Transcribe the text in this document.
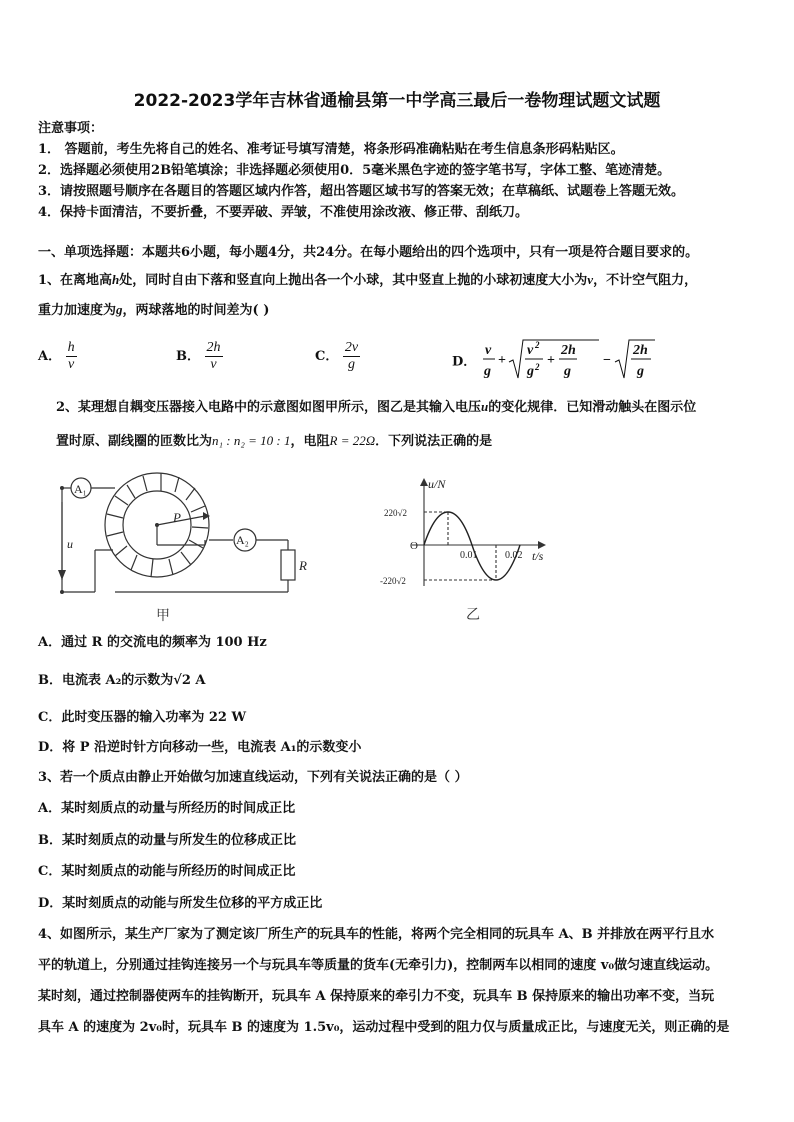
2022-2023学年吉林省通榆县第一中学高三最后一卷物理试题文试题
注意事项：
1． 答题前，考生先将自己的姓名、准考证号填写清楚，将条形码准确粘贴在考生信息条形码粘贴区。
2．选择题必须使用2B铅笔填涂；非选择题必须使用0．5毫米黑色字迹的签字笔书写，字体工整、笔迹清楚。
3．请按照题号顺序在各题目的答题区域内作答，超出答题区域书写的答案无效；在草稿纸、试题卷上答题无效。
4．保持卡面清洁，不要折叠，不要弄破、弄皱，不准使用涂改液、修正带、刮纸刀。
一、单项选择题：本题共6小题，每小题4分，共24分。在每小题给出的四个选项中，只有一项是符合题目要求的。
1、在离地高h处，同时自由下落和竖直向上抛出各一个小球，其中竖直上抛的小球初速度大小为v，不计空气阻力，
重力加速度为g，两球落地的时间差为( )
A． $\frac{h}{v}$	B． $\frac{2h}{v}$	C． $\frac{2v}{g}$	D．
v
g
+
v 2
g 2 +
2h
g
−
2h
g
2、某理想自耦变压器接入电路中的示意图如图甲所示，图乙是其输入电压u的变化规律．已知滑动触头在图示位
置时原、副线圈的匝数比为n₁ : n₂ = 10 : 1，电阻R = 22Ω．下列说法正确的是
A₁
A₂
P
R
u
甲
u/N
t/s
O
220√2
-220√2
0.01	0.02
乙
A．通过 R 的交流电的频率为 100 Hz
B．电流表 A₂的示数为√2 A
C．此时变压器的输入功率为 22 W
D．将 P 沿逆时针方向移动一些，电流表 A₁的示数变小
3、若一个质点由静止开始做匀加速直线运动，下列有关说法正确的是（ ）
A．某时刻质点的动量与所经历的时间成正比
B．某时刻质点的动量与所发生的位移成正比
C．某时刻质点的动能与所经历的时间成正比
D．某时刻质点的动能与所发生位移的平方成正比
4、如图所示，某生产厂家为了测定该厂所生产的玩具车的性能，将两个完全相同的玩具车 A、B 并排放在两平行且水
平的轨道上，分别通过挂钩连接另一个与玩具车等质量的货车(无牵引力)，控制两车以相同的速度 v₀做匀速直线运动。
某时刻，通过控制器使两车的挂钩断开，玩具车 A 保持原来的牵引力不变，玩具车 B 保持原来的输出功率不变，当玩
具车 A 的速度为 2v₀时，玩具车 B 的速度为 1.5v₀，运动过程中受到的阻力仅与质量成正比，与速度无关，则正确的是
